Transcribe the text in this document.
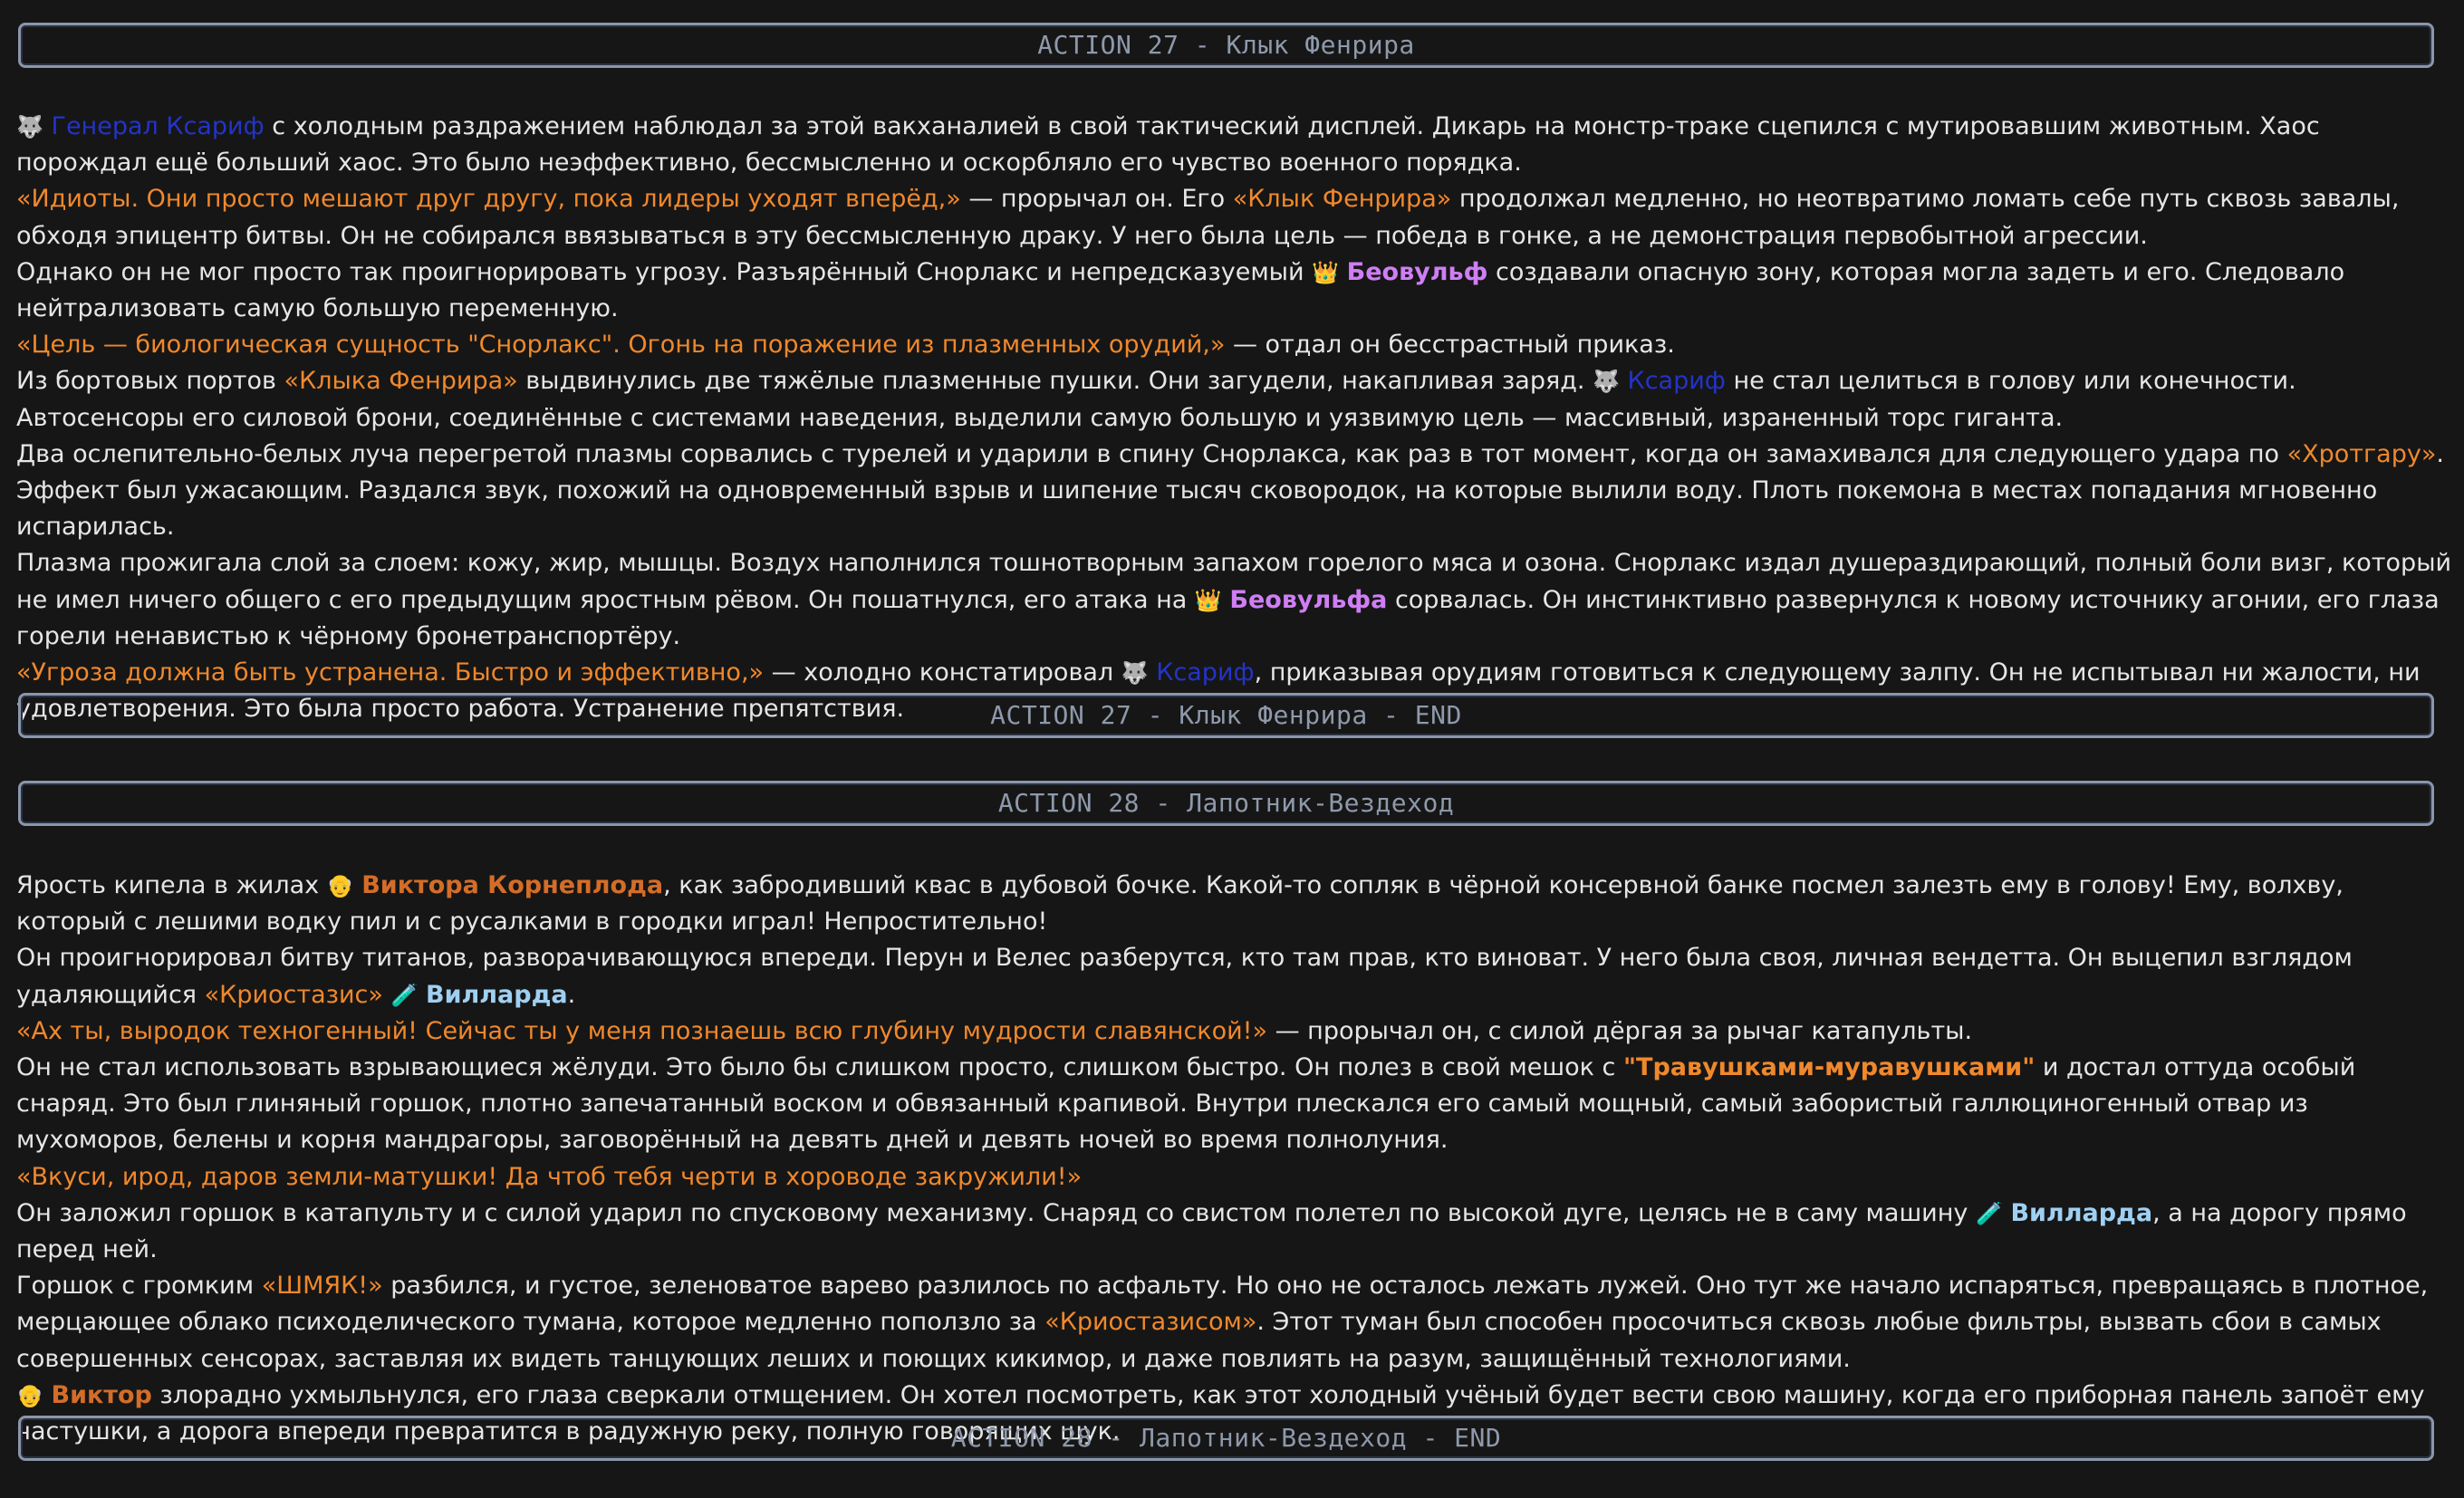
ACTION 27 - Клык Фенрира

🐺 Генерал Ксариф с холодным раздражением наблюдал за этой вакханалией в свой тактический дисплей. Дикарь на монстр-траке сцепился с мутировавшим животным. Хаос порождал ещё больший хаос. Это было неэффективно, бессмысленно и оскорбляло его чувство военного порядка.

«Идиоты. Они просто мешают друг другу, пока лидеры уходят вперёд,» — прорычал он. Его «Клык Фенрира» продолжал медленно, но неотвратимо ломать себе путь сквозь завалы, обходя эпицентр битвы. Он не собирался ввязываться в эту бессмысленную драку. У него была цель — победа в гонке, а не демонстрация первобытной агрессии.

Однако он не мог просто так проигнорировать угрозу. Разъярённый Снорлакс и непредсказуемый 👑 Беовульф создавали опасную зону, которая могла задеть и его. Следовало нейтрализовать самую большую переменную.

«Цель — биологическая сущность "Снорлакс". Огонь на поражение из плазменных орудий,» — отдал он бесстрастный приказ.

Из бортовых портов «Клыка Фенрира» выдвинулись две тяжёлые плазменные пушки. Они загудели, накапливая заряд. 🐺 Ксариф не стал целиться в голову или конечности. Автосенсоры его силовой брони, соединённые с системами наведения, выделили самую большую и уязвимую цель — массивный, израненный торс гиганта.

Два ослепительно-белых луча перегретой плазмы сорвались с турелей и ударили в спину Снорлакса, как раз в тот момент, когда он замахивался для следующего удара по «Хротгару».

Эффект был ужасающим. Раздался звук, похожий на одновременный взрыв и шипение тысяч сковородок, на которые вылили воду. Плоть покемона в местах попадания мгновенно испарилась.

Плазма прожигала слой за слоем: кожу, жир, мышцы. Воздух наполнился тошнотворным запахом горелого мяса и озона. Снорлакс издал душераздирающий, полный боли визг, который не имел ничего общего с его предыдущим яростным рёвом. Он пошатнулся, его атака на 👑 Беовульфа сорвалась. Он инстинктивно развернулся к новому источнику агонии, его глаза горели ненавистью к чёрному бронетранспортёру.

«Угроза должна быть устранена. Быстро и эффективно,» — холодно констатировал 🐺 Ксариф, приказывая орудиям готовиться к следующему залпу. Он не испытывал ни жалости, ни удовлетворения. Это была просто работа. Устранение препятствия.	ACTION 27 - Клык Фенрира - END
ACTION 28 - Лапотник-Вездеход

Ярость кипела в жилах 👴 Виктора Корнеплода, как забродивший квас в дубовой бочке. Какой-то сопляк в чёрной консервной банке посмел залезть ему в голову! Ему, волхву, который с лешими водку пил и с русалками в городки играл! Непростительно!

Он проигнорировал битву титанов, разворачивающуюся впереди. Перун и Велес разберутся, кто там прав, кто виноват. У него была своя, личная вендетта. Он выцепил взглядом удаляющийся «Криостазис» 🧪 Вилларда.

«Ах ты, выродок техногенный! Сейчас ты у меня познаешь всю глубину мудрости славянской!» — прорычал он, с силой дёргая за рычаг катапульты.

Он не стал использовать взрывающиеся жёлуди. Это было бы слишком просто, слишком быстро. Он полез в свой мешок с "Травушками-муравушками" и достал оттуда особый снаряд. Это был глиняный горшок, плотно запечатанный воском и обвязанный крапивой. Внутри плескался его самый мощный, самый забористый галлюциногенный отвар из мухоморов, белены и корня мандрагоры, заговорённый на девять дней и девять ночей во время полнолуния.

«Вкуси, ирод, даров земли-матушки! Да чтоб тебя черти в хороводе закружили!»

Он заложил горшок в катапульту и с силой ударил по спусковому механизму. Снаряд со свистом полетел по высокой дуге, целясь не в саму машину 🧪 Вилларда, а на дорогу прямо перед ней.

Горшок с громким «ШМЯК!» разбился, и густое, зеленоватое варево разлилось по асфальту. Но оно не осталось лежать лужей. Оно тут же начало испаряться, превращаясь в плотное, мерцающее облако психоделического тумана, которое медленно поползло за «Криостазисом». Этот туман был способен просочиться сквозь любые фильтры, вызвать сбои в самых совершенных сенсорах, заставляя их видеть танцующих леших и поющих кикимор, и даже повлиять на разум, защищённый технологиями.

👴 Виктор злорадно ухмыльнулся, его глаза сверкали отмщением. Он хотел посмотреть, как этот холодный учёный будет вести свою машину, когда его приборная панель запоёт ему частушки, а дорога впереди превратится в радужную реку, полную говорящих щук.

ACTION 28 - Лапотник-Вездеход - END
